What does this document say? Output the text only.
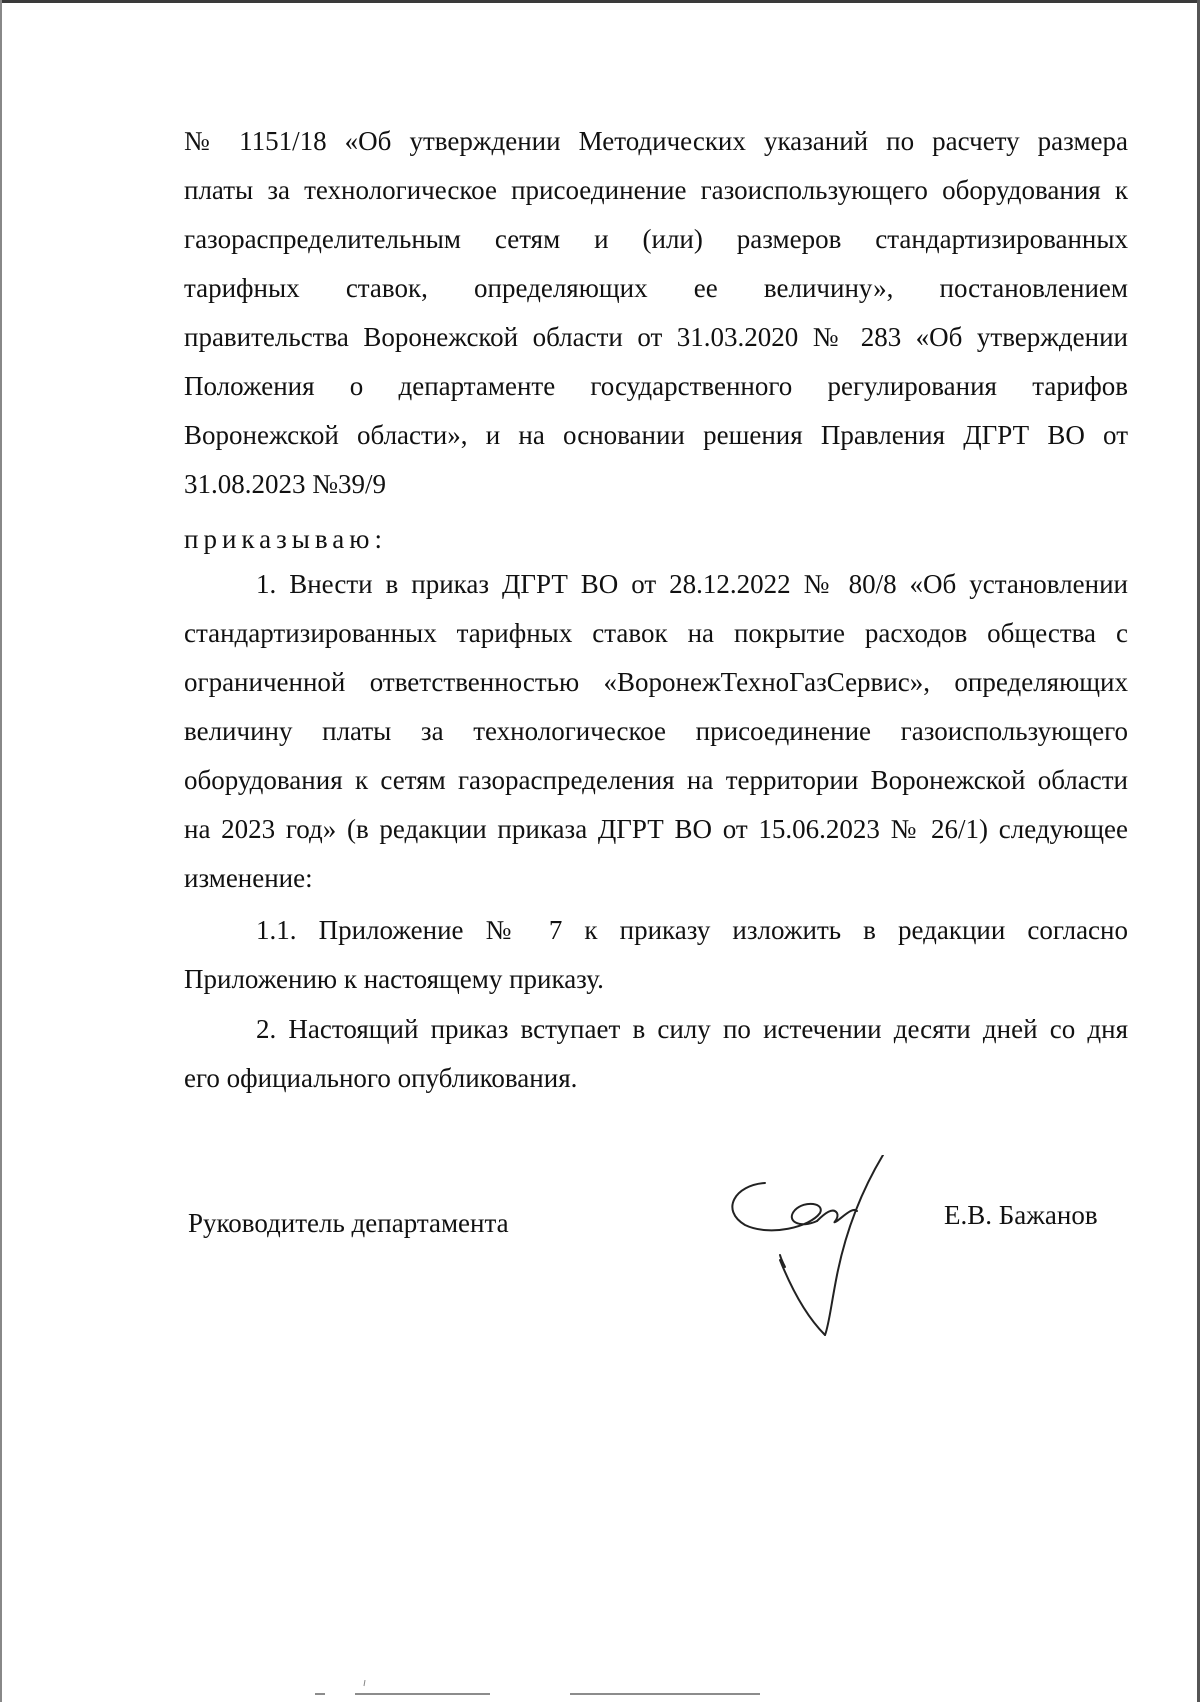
№ 1151/18 «Об утверждении Методических указаний по расчету размера
платы за технологическое присоединение газоиспользующего оборудования к
газораспределительным сетям и (или) размеров стандартизированных
тарифных ставок, определяющих ее величину», постановлением
правительства Воронежской области от 31.03.2020 № 283 «Об утверждении
Положения о департаменте государственного регулирования тарифов
Воронежской области», и на основании решения Правления ДГРТ ВО от
31.08.2023 №39/9
приказываю:
1. Внести в приказ ДГРТ ВО от 28.12.2022 № 80/8 «Об установлении
стандартизированных тарифных ставок на покрытие расходов общества с
ограниченной ответственностью «ВоронежТехноГазСервис», определяющих
величину платы за технологическое присоединение газоиспользующего
оборудования к сетям газораспределения на территории Воронежской области
на 2023 год» (в редакции приказа ДГРТ ВО от 15.06.2023 № 26/1) следующее
изменение:
1.1. Приложение № 7 к приказу изложить в редакции согласно
Приложению к настоящему приказу.
2. Настоящий приказ вступает в силу по истечении десяти дней со дня
его официального опубликования.
Руководитель департамента	Е.В. Бажанов
